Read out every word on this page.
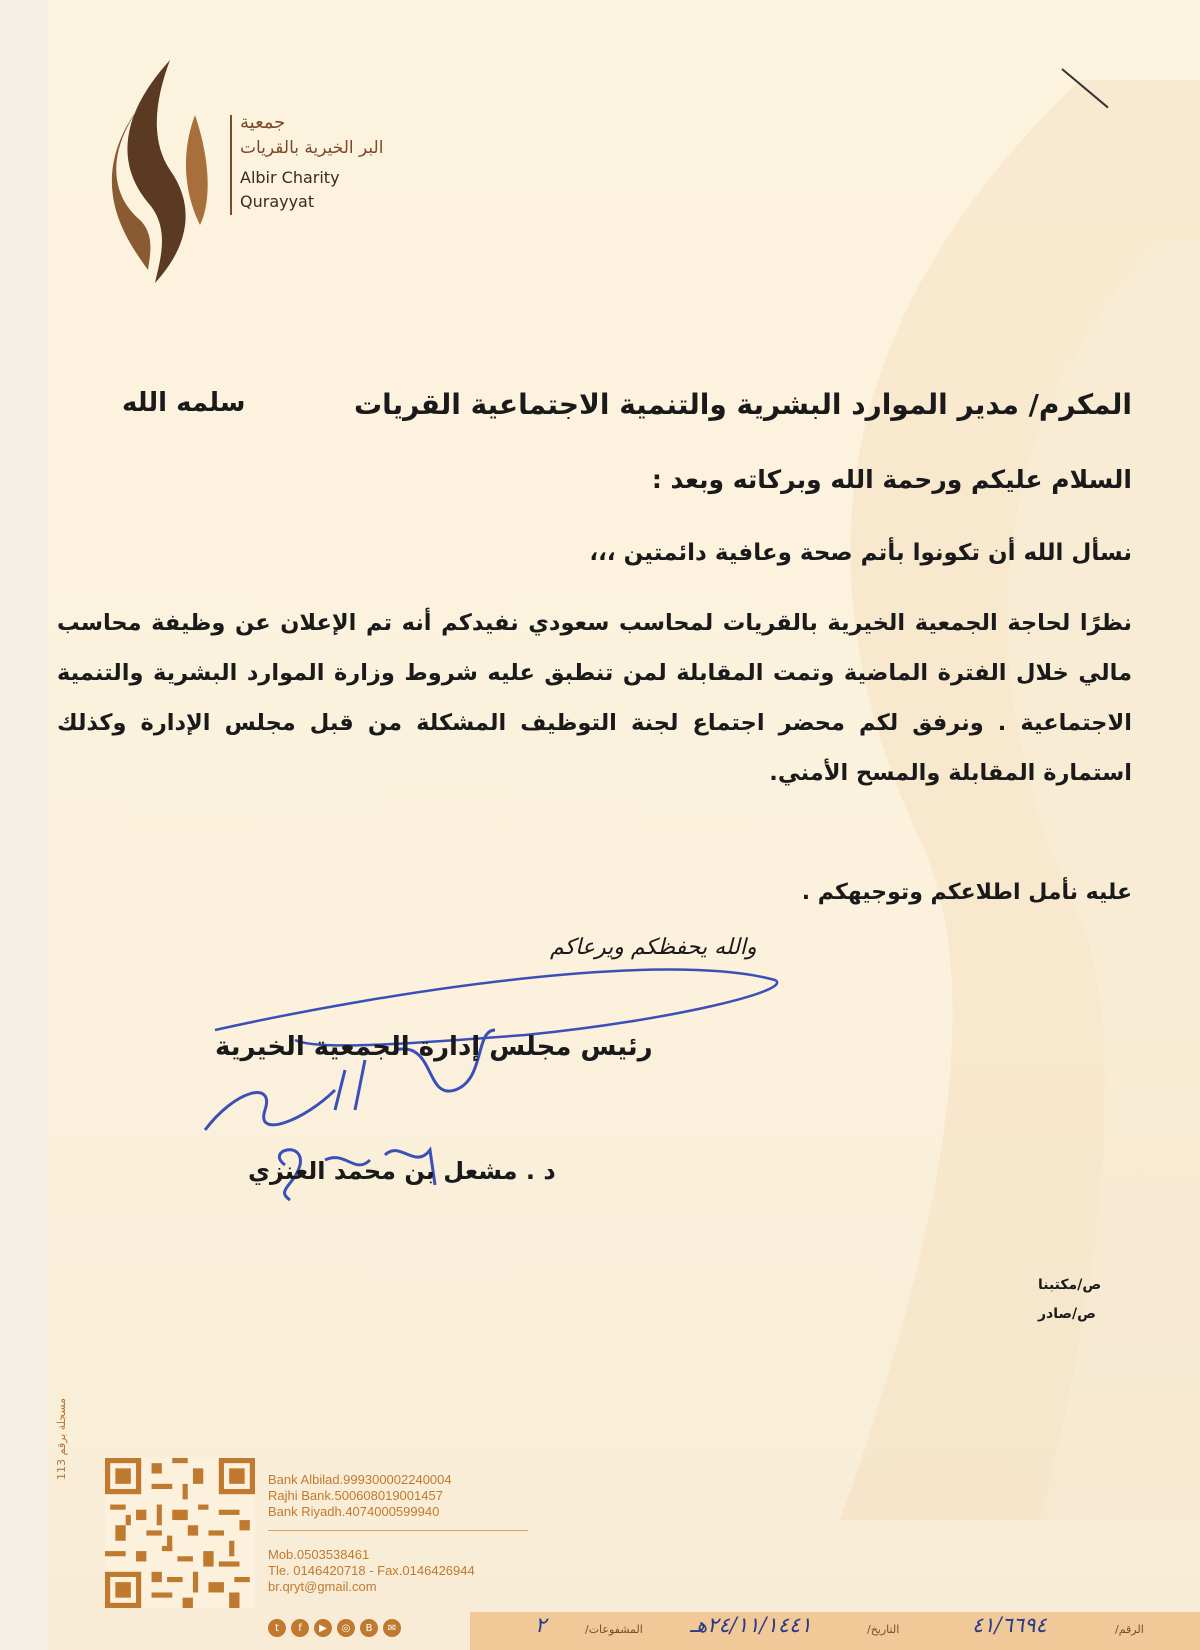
جمعية
البر الخيرية بالقريات
Albir Charity
Qurayyat
المكرم/ مدير الموارد البشرية والتنمية الاجتماعية القريات
سلمه الله
السلام عليكم ورحمة الله وبركاته وبعد :
نسأل الله أن تكونوا بأتم صحة وعافية دائمتين ،،،
نظرًا لحاجة الجمعية الخيرية بالقريات لمحاسب سعودي نفيدكم أنه تم الإعلان عن وظيفة محاسب مالي خلال الفترة الماضية وتمت المقابلة لمن تنطبق عليه شروط وزارة الموارد البشرية والتنمية الاجتماعية . ونرفق لكم محضر اجتماع لجنة التوظيف المشكلة من قبل مجلس الإدارة وكذلك استمارة المقابلة والمسح الأمني.
عليه نأمل اطلاعكم وتوجيهكم .
والله يحفظكم ويرعاكم
رئيس مجلس إدارة الجمعية الخيرية
د . مشعل بن محمد العنزي
ص/مكتبنا
ص/صادر
مسجلة برقم 113
Bank Albilad.999300002240004
Rajhi Bank.500608019001457
Bank Riyadh.4074000599940
Mob.0503538461
Tle. 0146420718 - Fax.0146426944
br.qryt@gmail.com
t	f	▶	◎	B	✉	الرقم/
٤١/٦٦٩٤
التاريخ/
٢٤/١١/١٤٤١هـ
المشفوعات/
٢
